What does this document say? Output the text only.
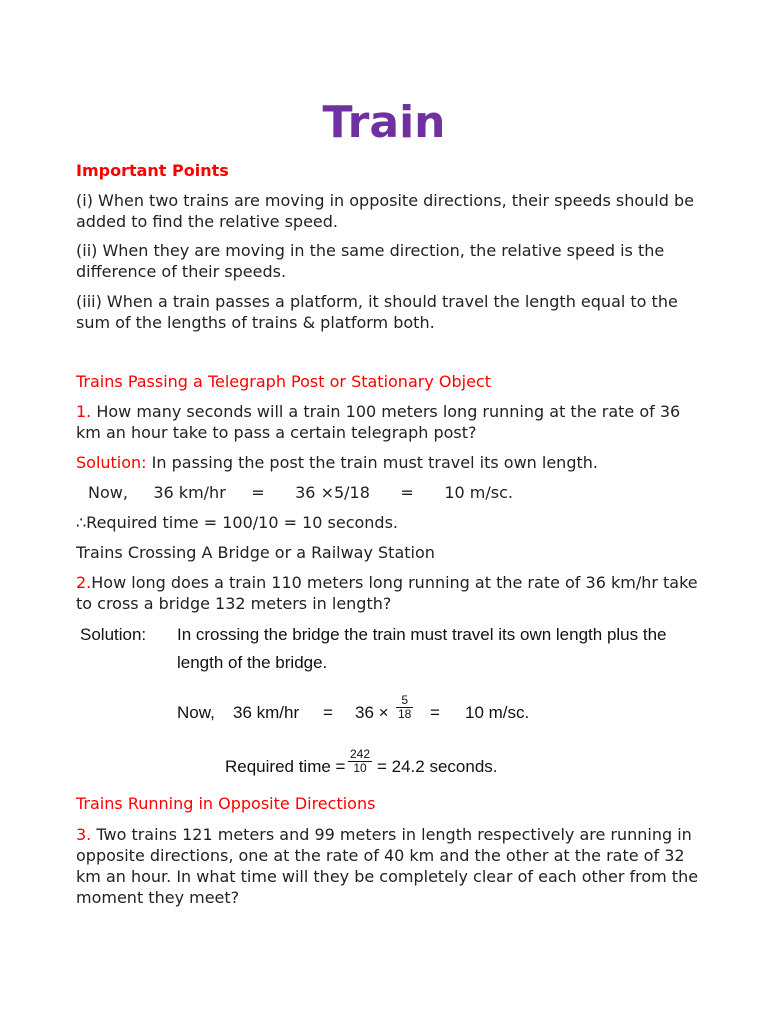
Train
Important Points
(i) When two trains are moving in opposite directions, their speeds should be added to find the relative speed.
(ii) When they are moving in the same direction, the relative speed is the difference of their speeds.
(iii) When a train passes a platform, it should travel the length equal to the sum of the lengths of trains & platform both.
Trains Passing a Telegraph Post or Stationary Object
1. How many seconds will a train 100 meters long running at the rate of 36 km an hour take to pass a certain telegraph post?
Solution: In passing the post the train must travel its own length.
Now,     36 km/hr     =      36 ×5/18      =      10 m/sc.
∴Required time = 100/10 = 10 seconds.
Trains Crossing A Bridge or a Railway Station
2.How long does a train 110 meters long running at the rate of 36 km/hr take to cross a bridge 132 meters in length?
Solution: In crossing the bridge the train must travel its own length plus the
length of the bridge.
Now, 36 $km/hr = 36 \times \frac{5}{18} = 10$ m/sc.
Required time = $\frac{242}{10} = 24.2$ seconds.
Trains Running in Opposite Directions
3. Two trains 121 meters and 99 meters in length respectively are running in opposite directions, one at the rate of 40 km and the other at the rate of 32 km an hour. In what time will they be completely clear of each other from the moment they meet?
